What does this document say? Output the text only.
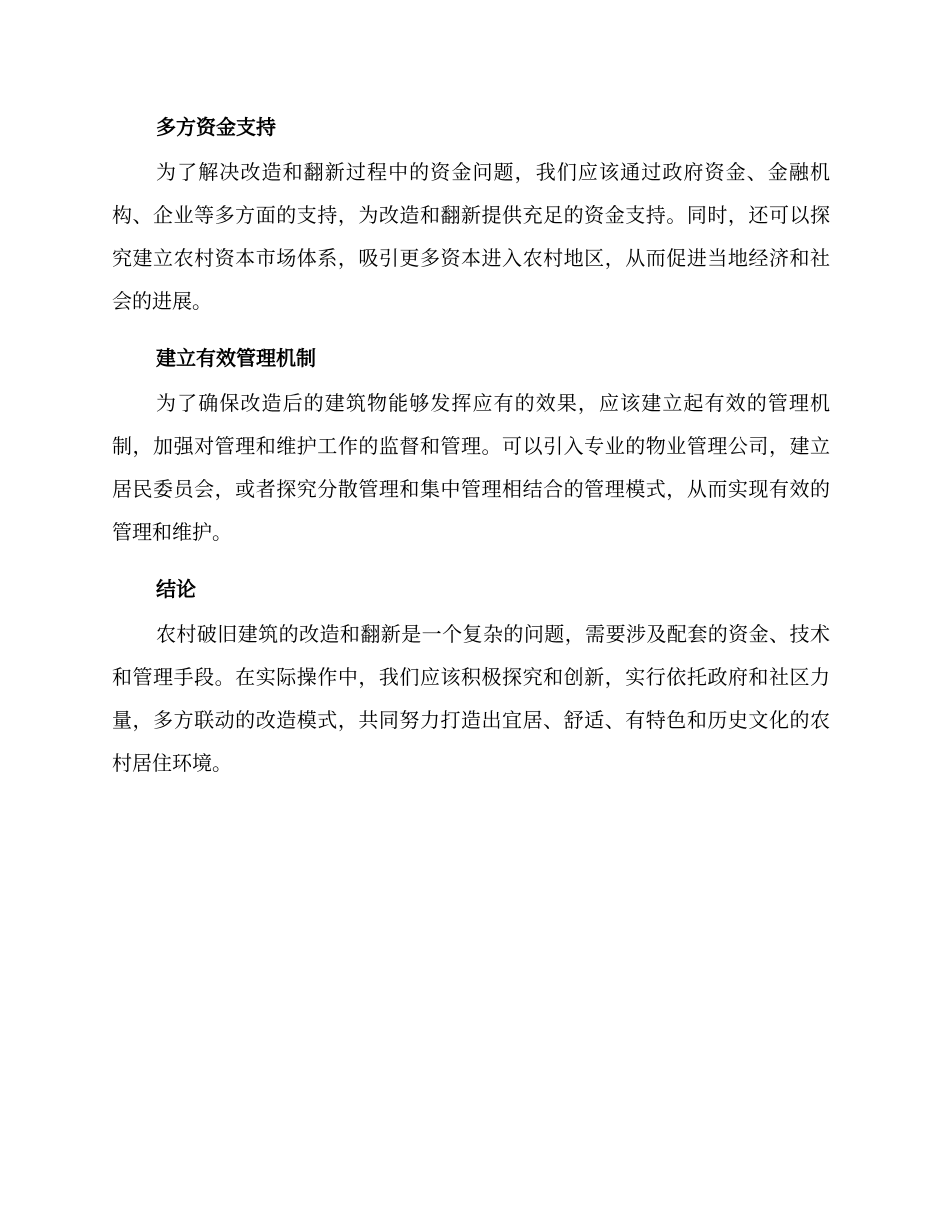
多方资金支持

为了解决改造和翻新过程中的资金问题，我们应该通过政府资金、金融机构、企业等多方面的支持，为改造和翻新提供充足的资金支持。同时，还可以探究建立农村资本市场体系，吸引更多资本进入农村地区，从而促进当地经济和社会的进展。

建立有效管理机制

为了确保改造后的建筑物能够发挥应有的效果，应该建立起有效的管理机制，加强对管理和维护工作的监督和管理。可以引入专业的物业管理公司，建立居民委员会，或者探究分散管理和集中管理相结合的管理模式，从而实现有效的管理和维护。

结论

农村破旧建筑的改造和翻新是一个复杂的问题，需要涉及配套的资金、技术和管理手段。在实际操作中，我们应该积极探究和创新，实行依托政府和社区力量，多方联动的改造模式，共同努力打造出宜居、舒适、有特色和历史文化的农村居住环境。
